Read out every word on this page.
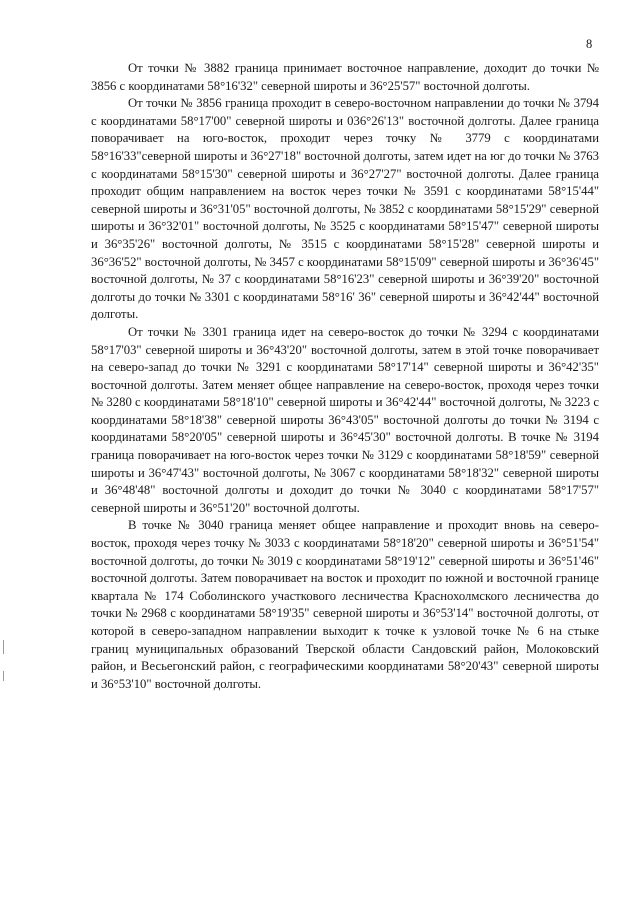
8

От точки № 3882 граница принимает восточное направление, доходит до точки № 3856 с координатами 58°16'32" северной широты и 36°25'57" восточной долготы.

От точки № 3856 граница проходит в северо-восточном направлении до точки № 3794 с координатами 58°17'00" северной широты и 036°26'13" восточной долготы. Далее граница поворачивает на юго-восток, проходит через точку № 3779 с координатами 58°16'33"северной широты и 36°27'18" восточной долготы, затем идет на юг до точки № 3763 с координатами 58°15'30" северной широты и 36°27'27" восточной долготы. Далее граница проходит общим направлением на восток через точки № 3591 с координатами 58°15'44" северной широты и 36°31'05" восточной долготы, № 3852 с координатами 58°15'29" северной широты и 36°32'01" восточной долготы, № 3525 с координатами 58°15'47" северной широты и 36°35'26" восточной долготы, № 3515 с координатами 58°15'28" северной широты и 36°36'52" восточной долготы, № 3457 с координатами 58°15'09" северной широты и 36°36'45" восточной долготы, № 37 с координатами 58°16'23" северной широты и 36°39'20" восточной долготы до точки № 3301 с координатами 58°16' 36" северной широты и 36°42'44" восточной долготы.

От точки № 3301 граница идет на северо-восток до точки № 3294 с координатами 58°17'03" северной широты и 36°43'20" восточной долготы, затем в этой точке поворачивает на северо-запад до точки № 3291 с координатами 58°17'14" северной широты и 36°42'35" восточной долготы. Затем меняет общее направление на северо-восток, проходя через точки № 3280 с координатами 58°18'10" северной широты и 36°42'44" восточной долготы, № 3223 с координатами 58°18'38" северной широты 36°43'05" восточной долготы до точки № 3194 с координатами 58°20'05" северной широты и 36°45'30" восточной долготы. В точке № 3194 граница поворачивает на юго-восток через точки № 3129 с координатами 58°18'59" северной широты и 36°47'43" восточной долготы, № 3067 с координатами 58°18'32" северной широты и 36°48'48" восточной долготы и доходит до точки № 3040 с координатами 58°17'57" северной широты и 36°51'20" восточной долготы.

В точке № 3040 граница меняет общее направление и проходит вновь на северо-восток, проходя через точку № 3033 с координатами 58°18'20" северной широты и 36°51'54" восточной долготы, до точки № 3019 с координатами 58°19'12" северной широты и 36°51'46" восточной долготы. Затем поворачивает на восток и проходит по южной и восточной границе квартала № 174 Соболинского участкового лесничества Краснохолмского лесничества до точки № 2968 с координатами 58°19'35" северной широты и 36°53'14" восточной долготы, от которой в северо-западном направлении выходит к точке к узловой точке № 6 на стыке границ муниципальных образований Тверской области Сандовский район, Молоковский район, и Весьегонский район, с географическими координатами 58°20'43" северной широты и 36°53'10" восточной долготы.
